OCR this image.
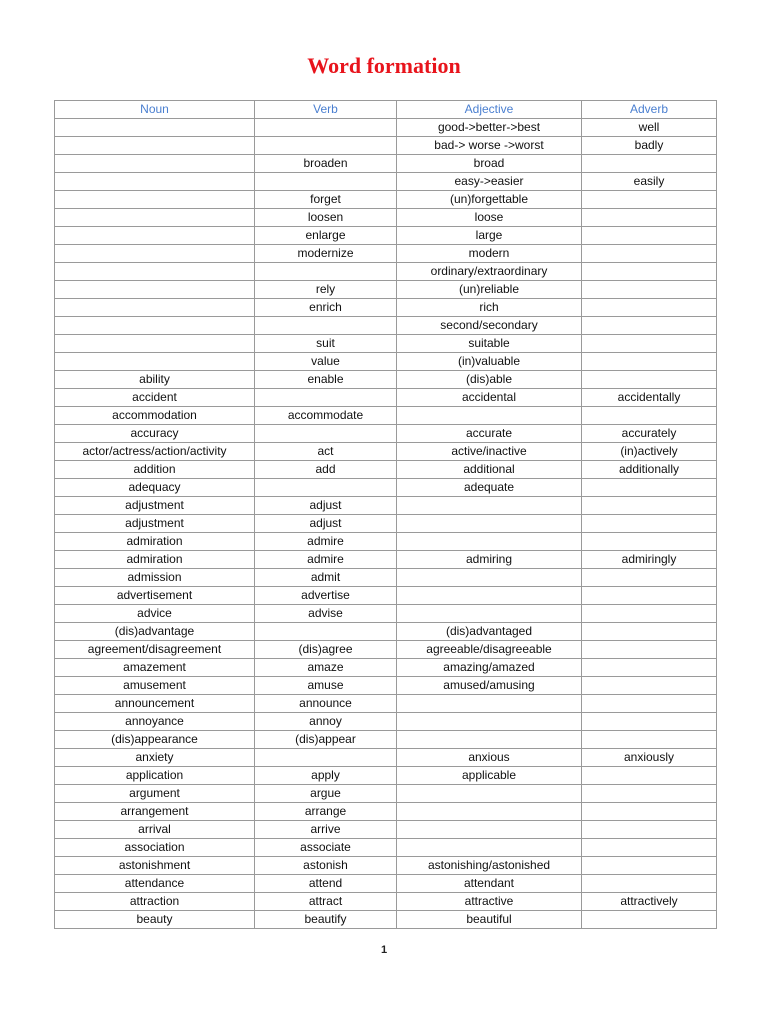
Word formation
Noun	Verb	Adjective	Adverb
		good->better->best	well
		bad-> worse ->worst	badly
	broaden	broad	
		easy->easier	easily
	forget	(un)forgettable	
	loosen	loose	
	enlarge	large	
	modernize	modern	
		ordinary/extraordinary	
	rely	(un)reliable	
	enrich	rich	
		second/secondary	
	suit	suitable	
	value	(in)valuable	
ability	enable	(dis)able	
accident		accidental	accidentally
accommodation	accommodate		
accuracy		accurate	accurately
actor/actress/action/activity	act	active/inactive	(in)actively
addition	add	additional	additionally
adequacy		adequate	
adjustment	adjust		
adjustment	adjust		
admiration	admire		
admiration	admire	admiring	admiringly
admission	admit		
advertisement	advertise		
advice	advise		
(dis)advantage		(dis)advantaged	
agreement/disagreement	(dis)agree	agreeable/disagreeable	
amazement	amaze	amazing/amazed	
amusement	amuse	amused/amusing	
announcement	announce		
annoyance	annoy		
(dis)appearance	(dis)appear		
anxiety		anxious	anxiously
application	apply	applicable	
argument	argue		
arrangement	arrange		
arrival	arrive		
association	associate		
astonishment	astonish	astonishing/astonished	
attendance	attend	attendant	
attraction	attract	attractive	attractively
beauty	beautify	beautiful	
1
